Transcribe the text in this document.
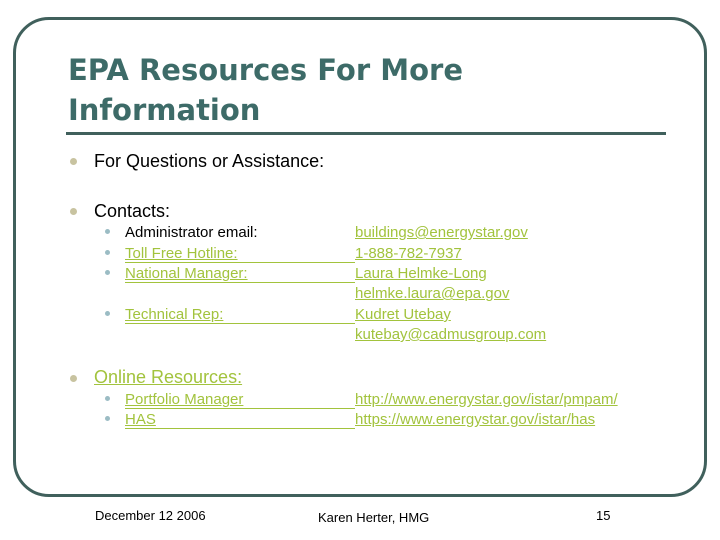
EPA Resources For More Information
For Questions or Assistance:
Contacts:
Administrator email:	buildings@energystar.gov
Toll Free Hotline:	1-888-782-7937
National Manager:	Laura Helmke-Long
helmke.laura@epa.gov
Technical Rep:	Kudret Utebay
kutebay@cadmusgroup.com
Online Resources:
Portfolio Manager	http://www.energystar.gov/istar/pmpam/
HAS	https://www.energystar.gov/istar/has
December 12 2006	Karen Herter, HMG	15
